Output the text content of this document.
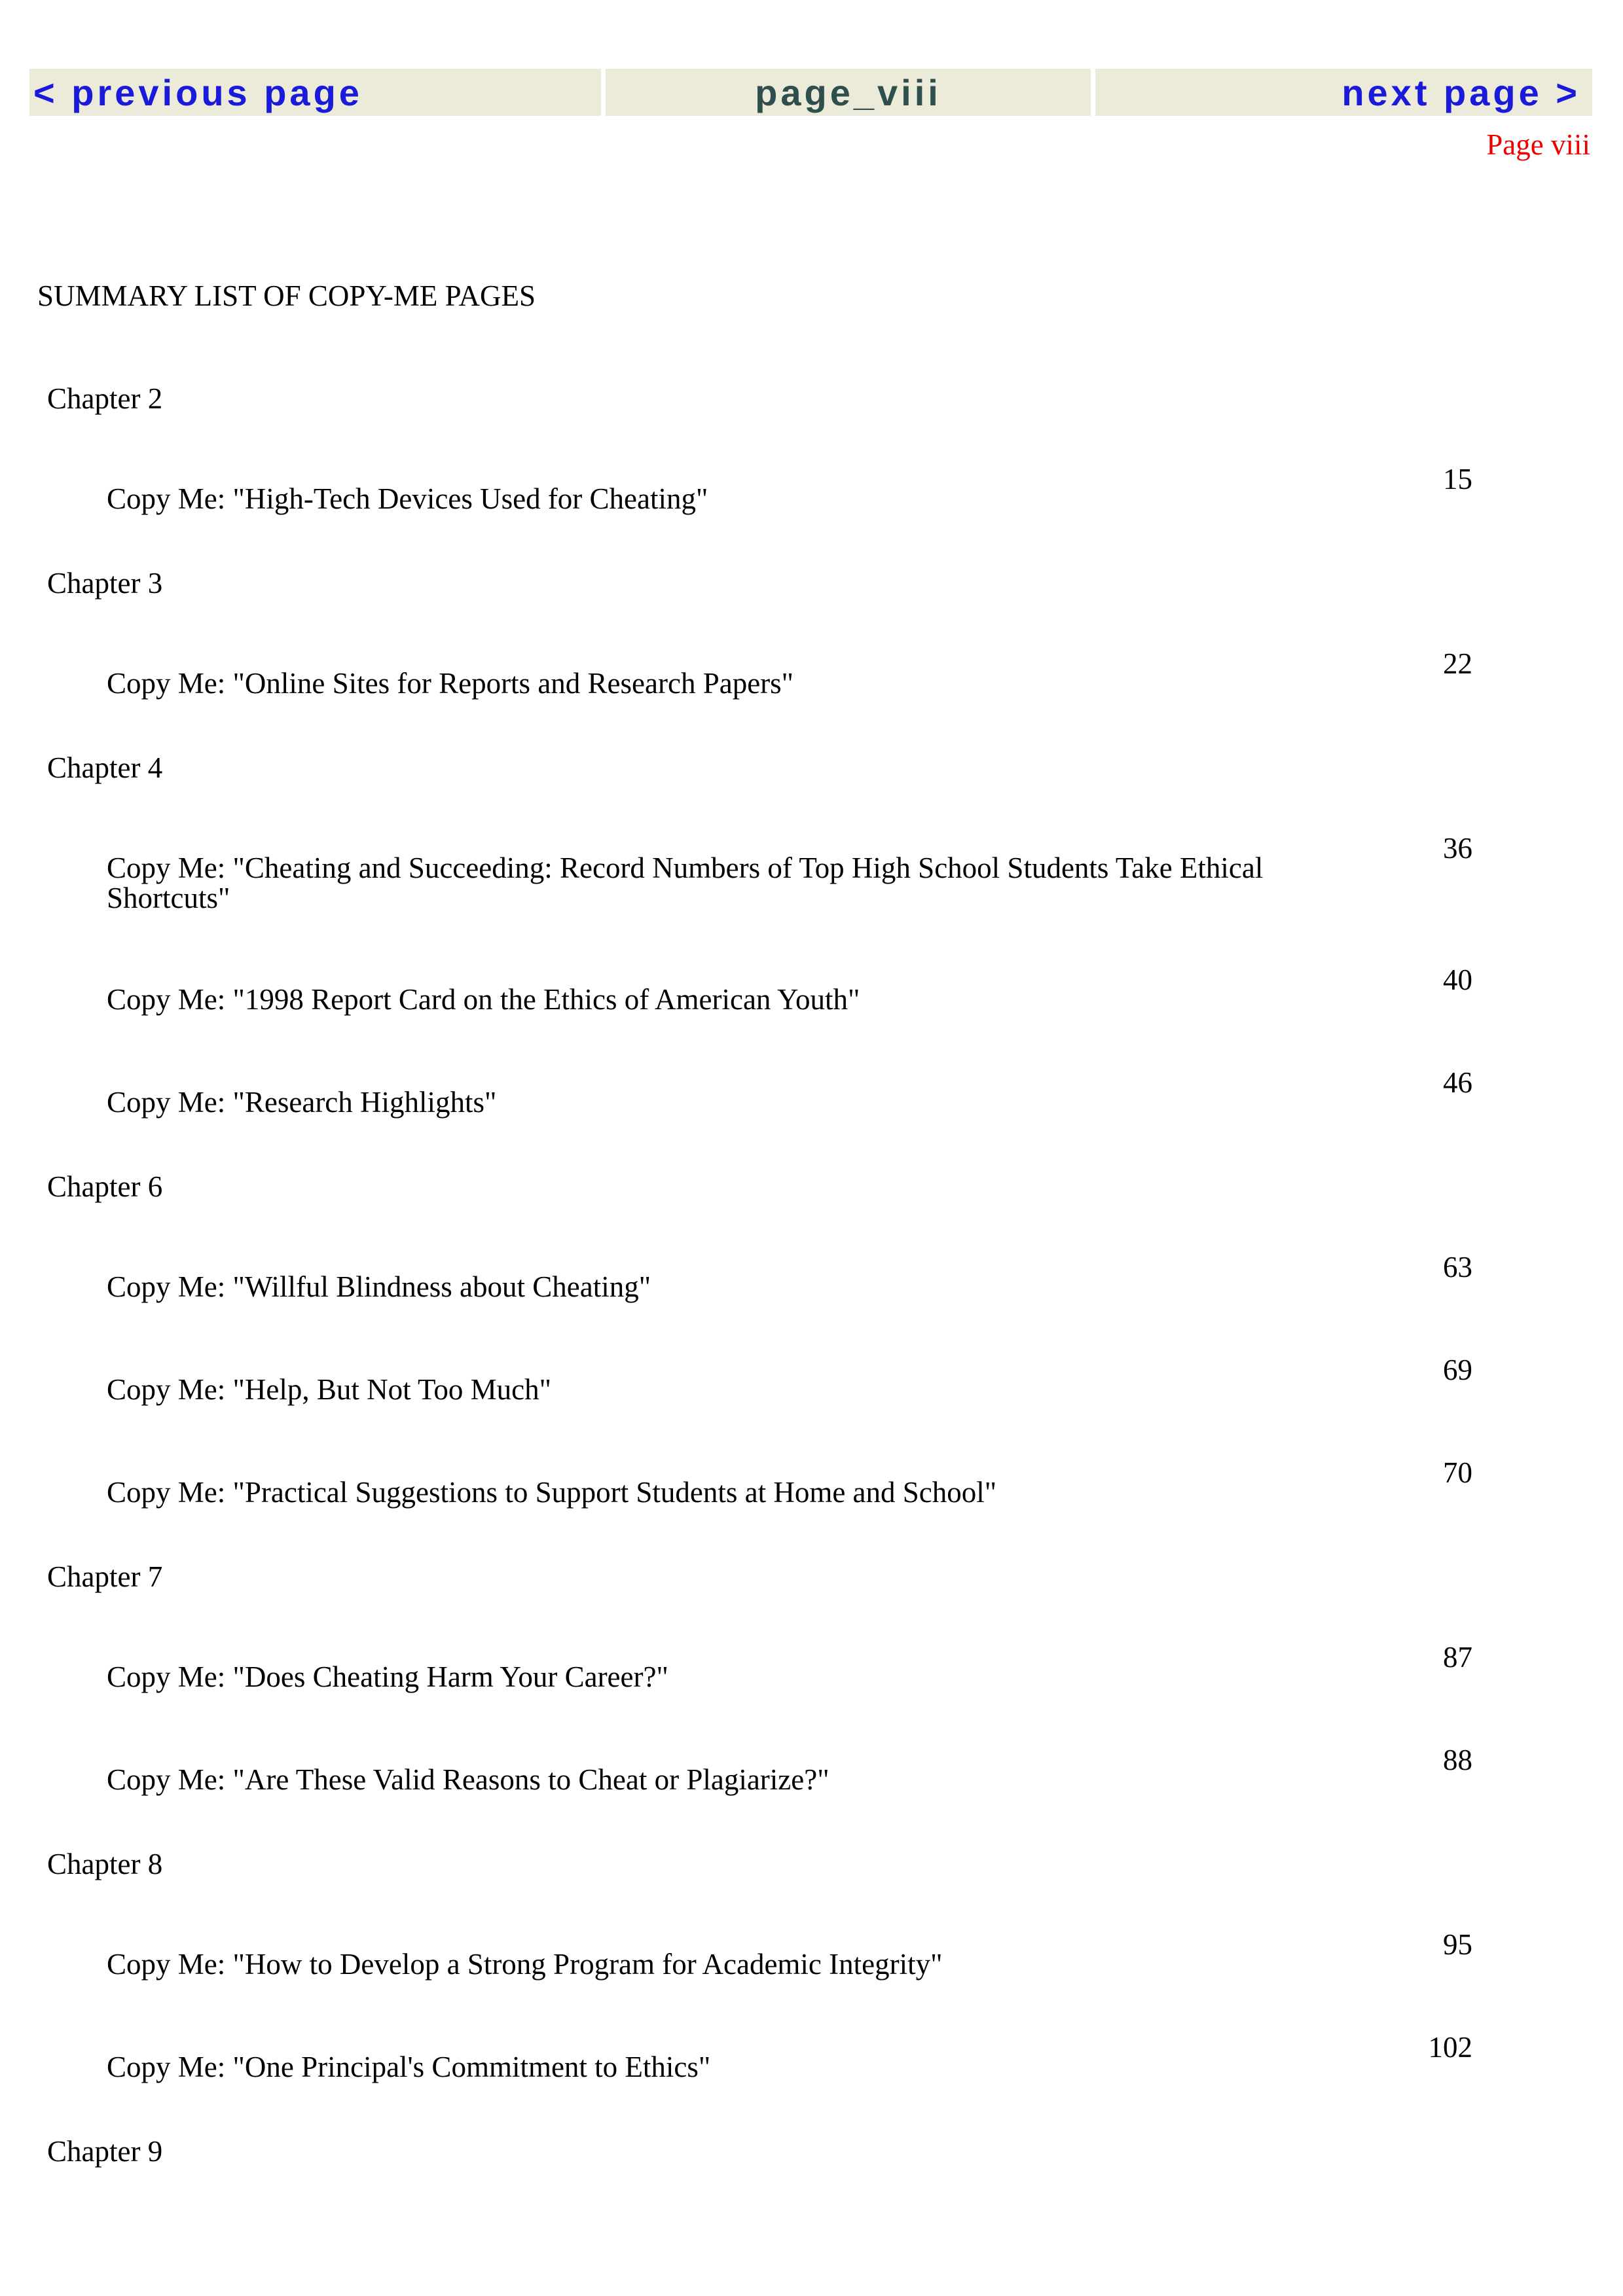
< previous page	page_viii	next page >
Page viii
SUMMARY LIST OF COPY-ME PAGES
Chapter 2
Copy Me: "High-Tech Devices Used for Cheating"
15
Chapter 3
Copy Me: "Online Sites for Reports and Research Papers"
22
Chapter 4
Copy Me: "Cheating and Succeeding: Record Numbers of Top High School Students Take Ethical Shortcuts"
36
Copy Me: "1998 Report Card on the Ethics of American Youth"
40
Copy Me: "Research Highlights"
46
Chapter 6
Copy Me: "Willful Blindness about Cheating"
63
Copy Me: "Help, But Not Too Much"
69
Copy Me: "Practical Suggestions to Support Students at Home and School"
70
Chapter 7
Copy Me: "Does Cheating Harm Your Career?"
87
Copy Me: "Are These Valid Reasons to Cheat or Plagiarize?"
88
Chapter 8
Copy Me: "How to Develop a Strong Program for Academic Integrity"
95
Copy Me: "One Principal's Commitment to Ethics"
102
Chapter 9
